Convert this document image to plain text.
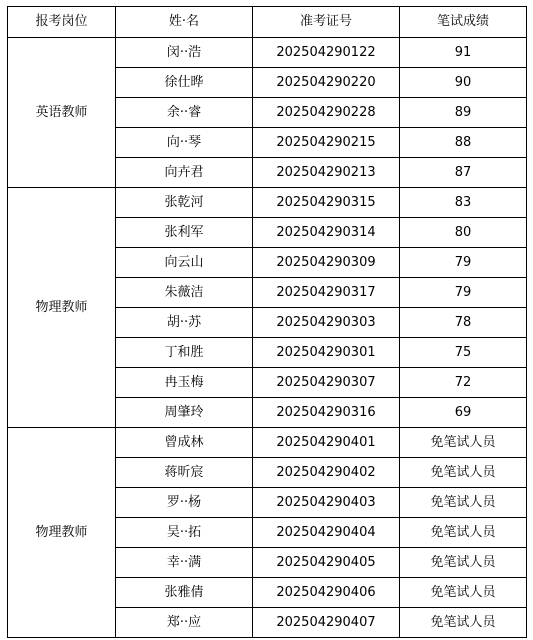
报考岗位	姓·名	准考证号	笔试成绩
英语教师	闵··浩	202504290122	91
	徐仕晔	202504290220	90
	余··睿	202504290228	89
	向··琴	202504290215	88
	向卉君	202504290213	87
物理教师	张乾河	202504290315	83
	张利军	202504290314	80
	向云山	202504290309	79
	朱薇洁	202504290317	79
	胡··苏	202504290303	78
	丁和胜	202504290301	75
	冉玉梅	202504290307	72
	周肇玲	202504290316	69
物理教师	曾成林	202504290401	免笔试人员
	蒋昕宸	202504290402	免笔试人员
	罗··杨	202504290403	免笔试人员
	吴··拓	202504290404	免笔试人员
	幸··满	202504290405	免笔试人员
	张雅倩	202504290406	免笔试人员
	郑··应	202504290407	免笔试人员
